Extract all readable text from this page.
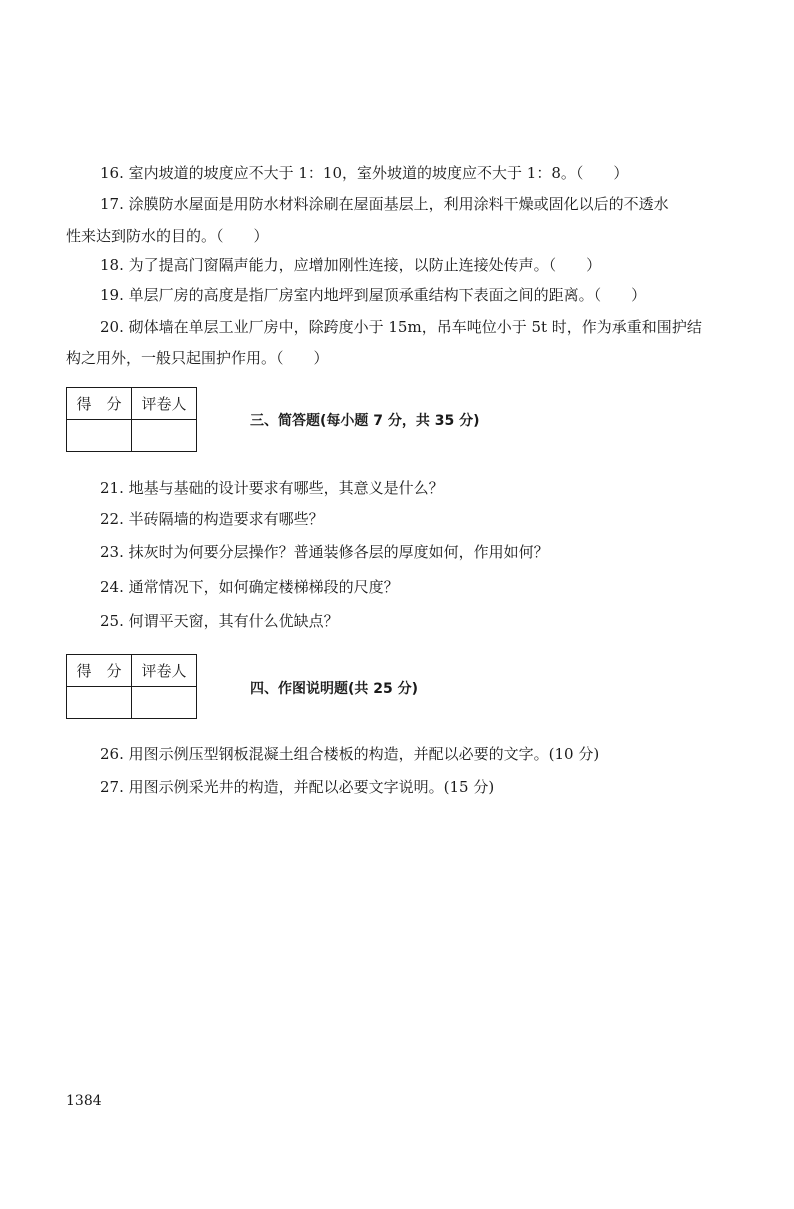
16. 室内坡道的坡度应不大于 1：10，室外坡道的坡度应不大于 1：8。（　　）
17. 涂膜防水屋面是用防水材料涂刷在屋面基层上，利用涂料干燥或固化以后的不透水
性来达到防水的目的。（　　）
18. 为了提高门窗隔声能力，应增加刚性连接，以防止连接处传声。（　　）
19. 单层厂房的高度是指厂房室内地坪到屋顶承重结构下表面之间的距离。（　　）
20. 砌体墙在单层工业厂房中，除跨度小于 15m，吊车吨位小于 5t 时，作为承重和围护结
构之用外，一般只起围护作用。（　　）
得　分	评卷人

三、简答题(每小题 7 分，共 35 分)
21. 地基与基础的设计要求有哪些，其意义是什么？
22. 半砖隔墙的构造要求有哪些？
23. 抹灰时为何要分层操作？普通装修各层的厚度如何，作用如何？
24. 通常情况下，如何确定楼梯梯段的尺度？
25. 何谓平天窗，其有什么优缺点？
得　分	评卷人

四、作图说明题(共 25 分)
26. 用图示例压型钢板混凝土组合楼板的构造，并配以必要的文字。(10 分)
27. 用图示例采光井的构造，并配以必要文字说明。(15 分)
1384
